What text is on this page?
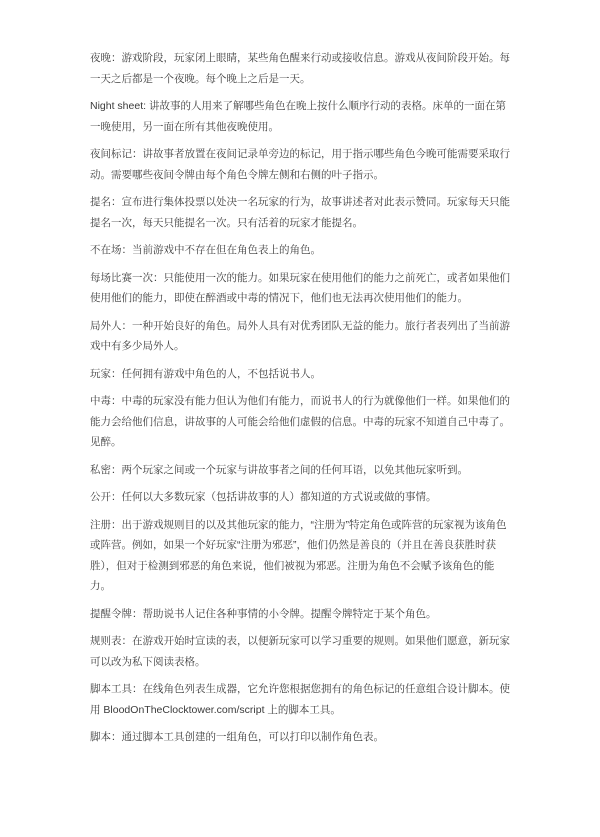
夜晚：游戏阶段，玩家闭上眼睛，某些角色醒来行动或接收信息。游戏从夜间阶段开始。每一天之后都是一个夜晚。每个晚上之后是一天。

Night sheet: 讲故事的人用来了解哪些角色在晚上按什么顺序行动的表格。床单的一面在第一晚使用，另一面在所有其他夜晚使用。

夜间标记：讲故事者放置在夜间记录单旁边的标记，用于指示哪些角色今晚可能需要采取行动。需要哪些夜间令牌由每个角色令牌左侧和右侧的叶子指示。

提名：宣布进行集体投票以处决一名玩家的行为，故事讲述者对此表示赞同。玩家每天只能提名一次，每天只能提名一次。只有活着的玩家才能提名。

不在场：当前游戏中不存在但在角色表上的角色。

每场比赛一次：只能使用一次的能力。如果玩家在使用他们的能力之前死亡，或者如果他们使用他们的能力，即使在醉酒或中毒的情况下，他们也无法再次使用他们的能力。

局外人：一种开始良好的角色。局外人具有对优秀团队无益的能力。旅行者表列出了当前游戏中有多少局外人。

玩家：任何拥有游戏中角色的人，不包括说书人。

中毒：中毒的玩家没有能力但认为他们有能力，而说书人的行为就像他们一样。如果他们的能力会给他们信息，讲故事的人可能会给他们虚假的信息。中毒的玩家不知道自己中毒了。见醉。

私密：两个玩家之间或一个玩家与讲故事者之间的任何耳语，以免其他玩家听到。

公开：任何以大多数玩家（包括讲故事的人）都知道的方式说或做的事情。

注册：出于游戏规则目的以及其他玩家的能力，“注册为”特定角色或阵营的玩家视为该角色或阵营。例如，如果一个好玩家“注册为邪恶”，他们仍然是善良的（并且在善良获胜时获胜），但对于检测到邪恶的角色来说，他们被视为邪恶。注册为角色不会赋予该角色的能力。

提醒令牌：帮助说书人记住各种事情的小令牌。提醒令牌特定于某个角色。

规则表：在游戏开始时宣读的表，以便新玩家可以学习重要的规则。如果他们愿意，新玩家可以改为私下阅读表格。

脚本工具：在线角色列表生成器，它允许您根据您拥有的角色标记的任意组合设计脚本。使用 BloodOnTheClocktower.com/script 上的脚本工具。

脚本：通过脚本工具创建的一组角色，可以打印以制作角色表。
